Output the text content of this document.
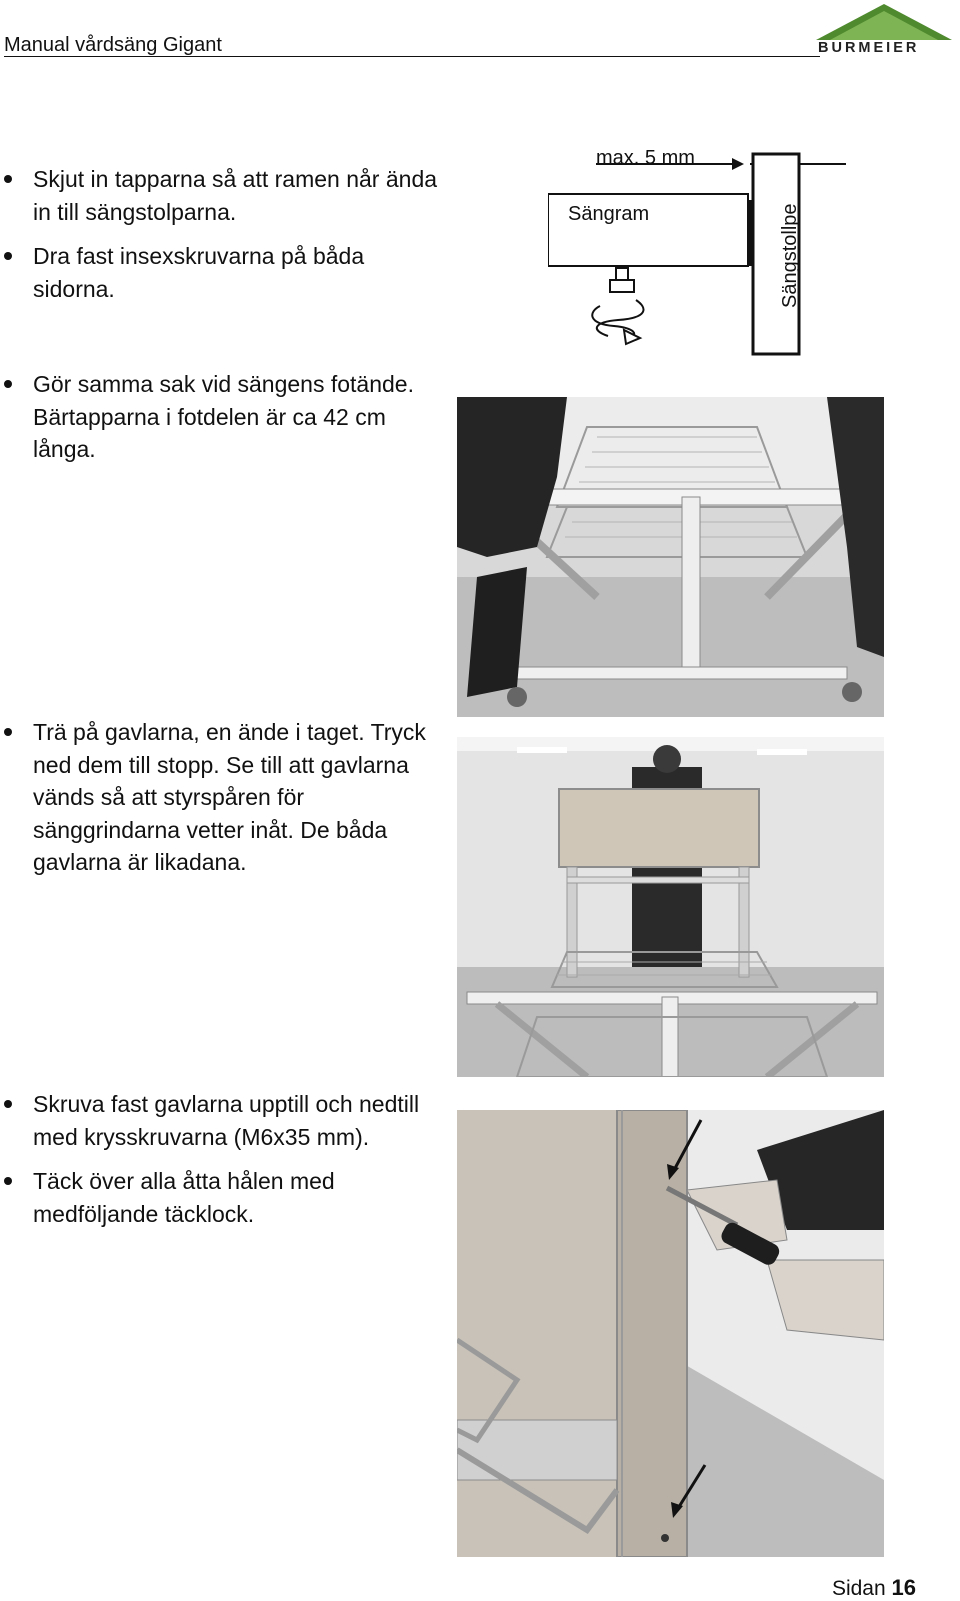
Manual vårdsäng Gigant	BURMEIER

Skjut in tapparna så att ramen når ända in till sängstolparna.

Dra fast insexskruvarna på båda sidorna.

max. 5 mm
Sängram	Sängstollpe

Gör samma sak vid sängens fotände. Bärtapparna i fotdelen är ca 42 cm långa.

Trä på gavlarna, en ände i taget. Tryck ned dem till stopp. Se till att gavlarna vänds så att styrspåren för sänggrindarna vetter inåt. De båda gavlarna är likadana.

Skruva fast gavlarna upptill och nedtill med krysskruvarna (M6x35 mm).

Täck över alla åtta hålen med medföljande täcklock.

Sidan 16
